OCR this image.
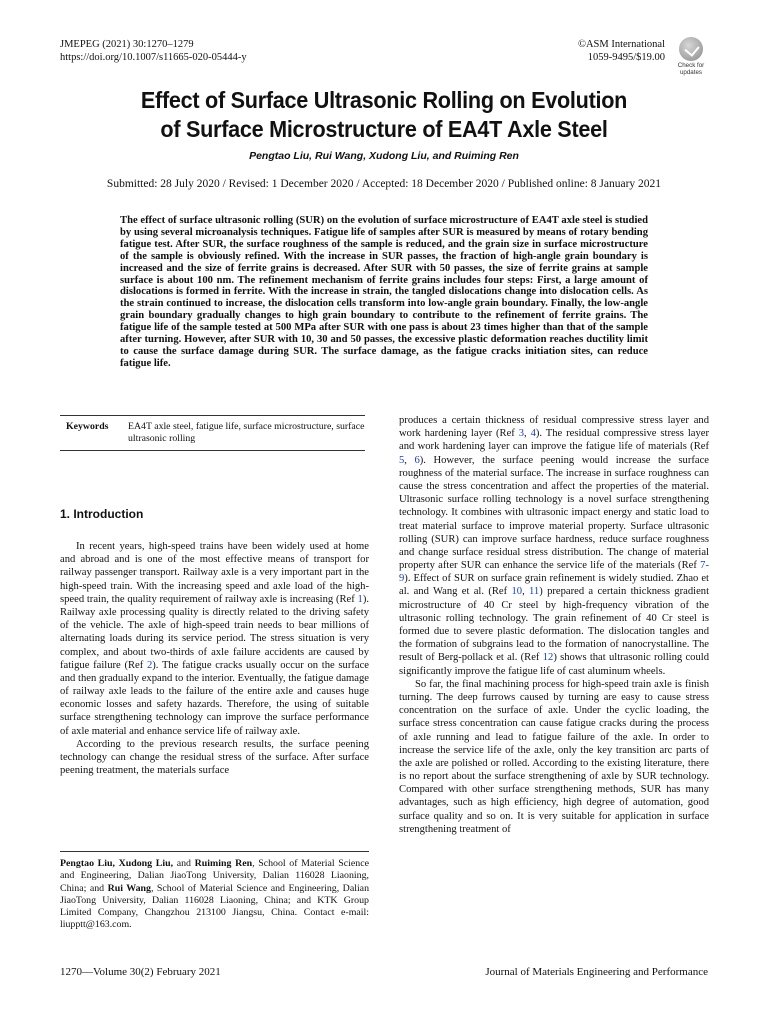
JMEPEG (2021) 30:1270–1279
https://doi.org/10.1007/s11665-020-05444-y
©ASM International
1059-9495/$19.00
Check for updates
Effect of Surface Ultrasonic Rolling on Evolution
of Surface Microstructure of EA4T Axle Steel
Pengtao Liu, Rui Wang, Xudong Liu, and Ruiming Ren
Submitted: 28 July 2020 / Revised: 1 December 2020 / Accepted: 18 December 2020 / Published online: 8 January 2021
The effect of surface ultrasonic rolling (SUR) on the evolution of surface microstructure of EA4T axle steel is studied by using several microanalysis techniques. Fatigue life of samples after SUR is measured by means of rotary bending fatigue test. After SUR, the surface roughness of the sample is reduced, and the grain size in surface microstructure of the sample is obviously refined. With the increase in SUR passes, the fraction of high-angle grain boundary is increased and the size of ferrite grains is decreased. After SUR with 50 passes, the size of ferrite grains at sample surface is about 100 nm. The refinement mechanism of ferrite grains includes four steps: First, a large amount of dislocations is formed in ferrite. With the increase in strain, the tangled dislocations change into dislocation cells. As the strain continued to increase, the dislocation cells transform into low-angle grain boundary. Finally, the low-angle grain boundary gradually changes to high grain boundary to contribute to the refinement of ferrite grains. The fatigue life of the sample tested at 500 MPa after SUR with one pass is about 23 times higher than that of the sample after turning. However, after SUR with 10, 30 and 50 passes, the excessive plastic deformation reaches ductility limit to cause the surface damage during SUR. The surface damage, as the fatigue cracks initiation sites, can reduce fatigue life.
Keywords	EA4T axle steel, fatigue life, surface microstructure, surface ultrasonic rolling
1. Introduction

In recent years, high-speed trains have been widely used at home and abroad and is one of the most effective means of transport for railway passenger transport. Railway axle is a very important part in the high-speed train. With the increasing speed and axle load of the high-speed train, the quality requirement of railway axle is increasing (Ref 1). Railway axle processing quality is directly related to the driving safety of the vehicle. The axle of high-speed train needs to bear millions of alternating loads during its service period. The stress situation is very complex, and about two-thirds of axle failure accidents are caused by fatigue failure (Ref 2). The fatigue cracks usually occur on the surface and then gradually expand to the interior. Eventually, the fatigue damage of railway axle leads to the failure of the entire axle and causes huge economic losses and safety hazards. Therefore, the using of suitable surface strengthening technology can improve the surface performance of axle material and enhance service life of railway axle.

According to the previous research results, the surface peening technology can change the residual stress of the surface. After surface peening treatment, the materials surface

Pengtao Liu, Xudong Liu, and Ruiming Ren, School of Material Science and Engineering, Dalian JiaoTong University, Dalian 116028 Liaoning, China; and Rui Wang, School of Material Science and Engineering, Dalian JiaoTong University, Dalian 116028 Liaoning, China; and KTK Group Limited Company, Changzhou 213100 Jiangsu, China. Contact e-mail: liupptt@163.com.

produces a certain thickness of residual compressive stress layer and work hardening layer (Ref 3, 4). The residual compressive stress layer and work hardening layer can improve the fatigue life of materials (Ref 5, 6). However, the surface peening would increase the surface roughness of the material surface. The increase in surface roughness can cause the stress concentration and affect the properties of the material. Ultrasonic surface rolling technology is a novel surface strengthening technology. It combines with ultrasonic impact energy and static load to treat material surface to improve material property. Surface ultrasonic rolling (SUR) can improve surface hardness, reduce surface roughness and change surface residual stress distribution. The change of material property after SUR can enhance the service life of the materials (Ref 7-9). Effect of SUR on surface grain refinement is widely studied. Zhao et al. and Wang et al. (Ref 10, 11) prepared a certain thickness gradient microstructure of 40 Cr steel by high-frequency vibration of the ultrasonic rolling technology. The grain refinement of 40 Cr steel is formed due to severe plastic deformation. The dislocation tangles and the formation of subgrains lead to the formation of nanocrystalline. The result of Berg-pollack et al. (Ref 12) shows that ultrasonic rolling could significantly improve the fatigue life of cast aluminum wheels.

So far, the final machining process for high-speed train axle is finish turning. The deep furrows caused by turning are easy to cause stress concentration on the surface of axle. Under the cyclic loading, the surface stress concentration can cause fatigue cracks during the process of axle running and lead to fatigue failure of the axle. In order to increase the service life of the axle, only the key transition arc parts of the axle are polished or rolled. According to the existing literature, there is no report about the surface strengthening of axle by SUR technology. Compared with other surface strengthening methods, SUR has many advantages, such as high efficiency, high degree of automation, good surface quality and so on. It is very suitable for application in surface strengthening treatment of

1270—Volume 30(2) February 2021	Journal of Materials Engineering and Performance
